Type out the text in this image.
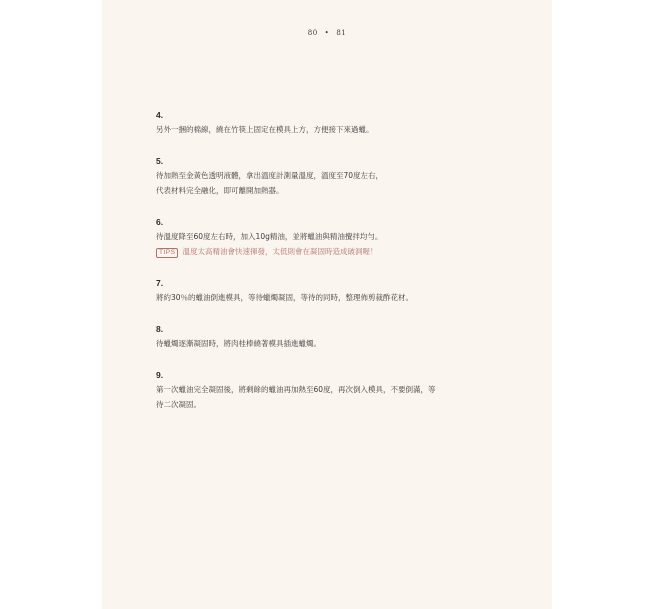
80 • 81
4.
另外一捆的棉線，繞在竹筷上固定在模具上方，方便接下來過蠟。
5.
待加熱至金黃色透明液體，拿出溫度計測量溫度，溫度至70度左右，
代表材料完全融化，即可離開加熱器。
6.
待溫度降至60度左右時，加入10g精油，並將蠟油與精油攪拌均勻。
TIPS 溫度太高精油會快速揮發，太低則會在凝固時造成破洞喔！
7.
將約30％的蠟油倒進模具，等待蠟燭凝固，等待的同時，整理佈剪裁酢花材。
8.
待蠟燭逐漸凝固時，將肉桂棒繞著模具插進蠟燭。
9.
第一次蠟油完全凝固後，將剩餘的蠟油再加熱至60度，再次倒入模具，不要倒滿，等
待二次凝固。
